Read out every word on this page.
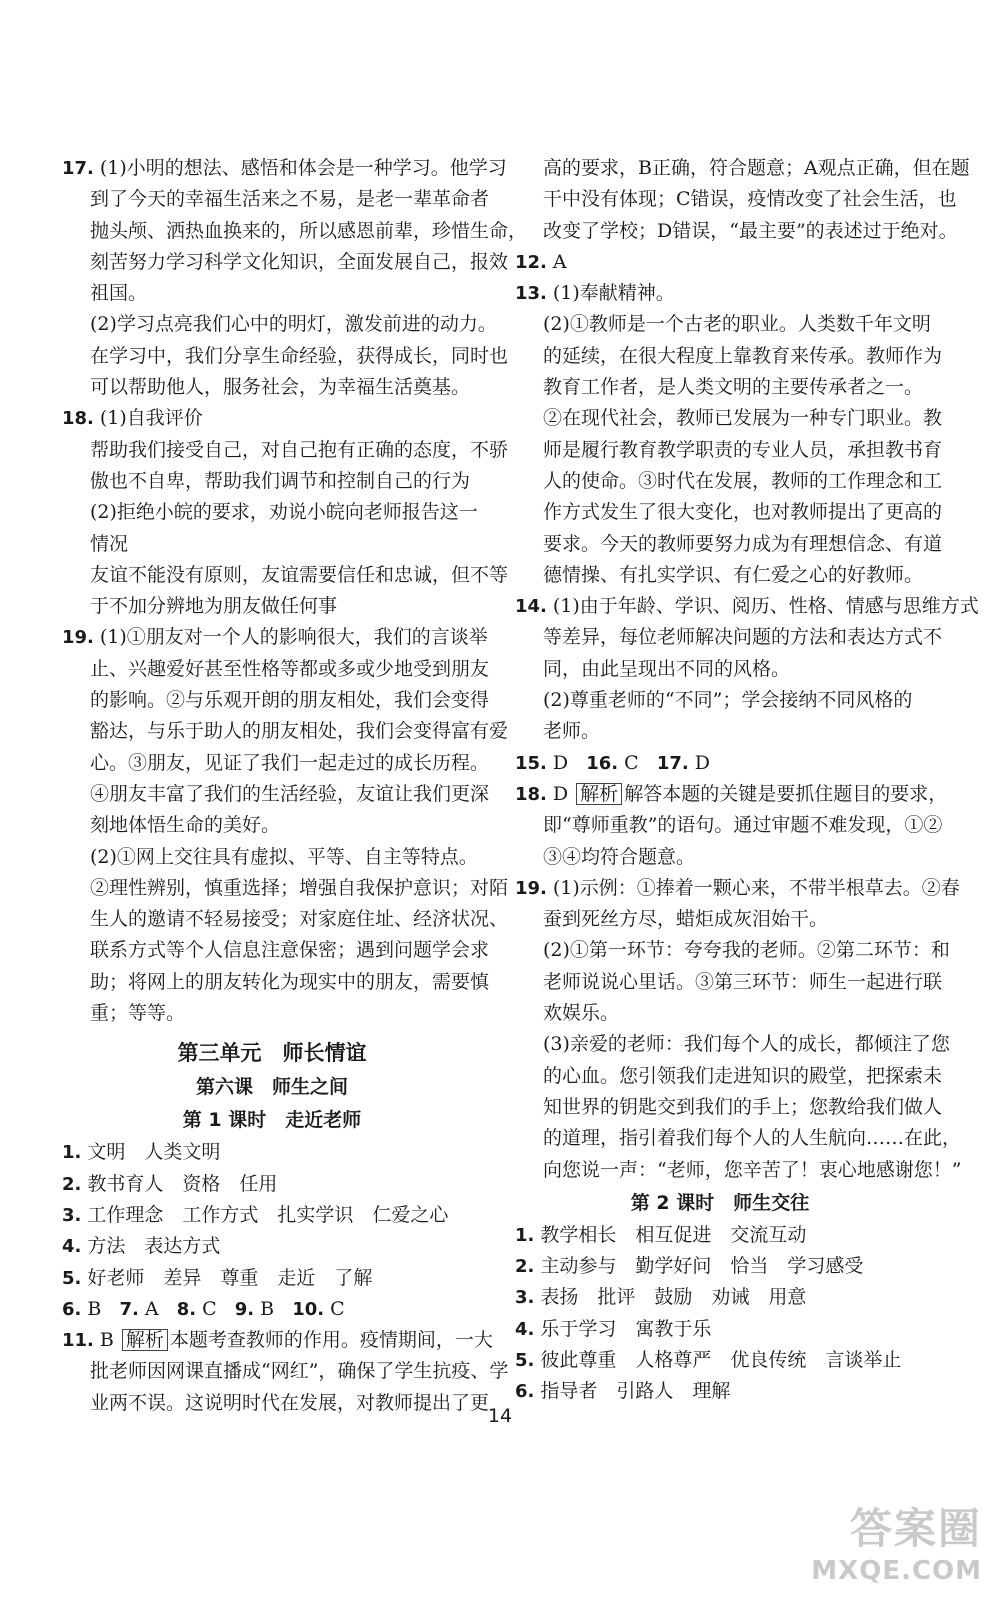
17. (1)小明的想法、感悟和体会是一种学习。他学习
到了今天的幸福生活来之不易，是老一辈革命者
抛头颅、洒热血换来的，所以感恩前辈，珍惜生命，
刻苦努力学习科学文化知识，全面发展自己，报效
祖国。
(2)学习点亮我们心中的明灯，激发前进的动力。
在学习中，我们分享生命经验，获得成长，同时也
可以帮助他人，服务社会，为幸福生活奠基。
18. (1)自我评价
帮助我们接受自己，对自己抱有正确的态度，不骄
傲也不自卑，帮助我们调节和控制自己的行为
(2)拒绝小皖的要求，劝说小皖向老师报告这一
情况
友谊不能没有原则，友谊需要信任和忠诚，但不等
于不加分辨地为朋友做任何事
19. (1)①朋友对一个人的影响很大，我们的言谈举
止、兴趣爱好甚至性格等都或多或少地受到朋友
的影响。②与乐观开朗的朋友相处，我们会变得
豁达，与乐于助人的朋友相处，我们会变得富有爱
心。③朋友，见证了我们一起走过的成长历程。
④朋友丰富了我们的生活经验，友谊让我们更深
刻地体悟生命的美好。
(2)①网上交往具有虚拟、平等、自主等特点。
②理性辨别，慎重选择；增强自我保护意识；对陌
生人的邀请不轻易接受；对家庭住址、经济状况、
联系方式等个人信息注意保密；遇到问题学会求
助；将网上的朋友转化为现实中的朋友，需要慎
重；等等。
第三单元　师长情谊
第六课　师生之间
第 1 课时　走近老师
1. 文明　人类文明
2. 教书育人　资格　任用
3. 工作理念　工作方式　扎实学识　仁爱之心
4. 方法　表达方式
5. 好老师　差异　尊重　走近　了解
6. B 7. A 8. C 9. B 10. C
11. B 解析 本题考查教师的作用。疫情期间，一大
批老师因网课直播成“网红”，确保了学生抗疫、学
业两不误。这说明时代在发展，对教师提出了更
高的要求，B正确，符合题意；A观点正确，但在题
干中没有体现；C错误，疫情改变了社会生活，也
改变了学校；D错误，“最主要”的表述过于绝对。
12. A
13. (1)奉献精神。
(2)①教师是一个古老的职业。人类数千年文明
的延续，在很大程度上靠教育来传承。教师作为
教育工作者，是人类文明的主要传承者之一。
②在现代社会，教师已发展为一种专门职业。教
师是履行教育教学职责的专业人员，承担教书育
人的使命。③时代在发展，教师的工作理念和工
作方式发生了很大变化，也对教师提出了更高的
要求。今天的教师要努力成为有理想信念、有道
德情操、有扎实学识、有仁爱之心的好教师。
14. (1)由于年龄、学识、阅历、性格、情感与思维方式
等差异，每位老师解决问题的方法和表达方式不
同，由此呈现出不同的风格。
(2)尊重老师的“不同”；学会接纳不同风格的
老师。
15. D 16. C 17. D
18. D 解析 解答本题的关键是要抓住题目的要求，
即“尊师重教”的语句。通过审题不难发现，①②
③④均符合题意。
19. (1)示例：①捧着一颗心来，不带半根草去。②春
蚕到死丝方尽，蜡炬成灰泪始干。
(2)①第一环节：夸夸我的老师。②第二环节：和
老师说说心里话。③第三环节：师生一起进行联
欢娱乐。
(3)亲爱的老师：我们每个人的成长，都倾注了您
的心血。您引领我们走进知识的殿堂，把探索未
知世界的钥匙交到我们的手上；您教给我们做人
的道理，指引着我们每个人的人生航向……在此，
向您说一声：“老师，您辛苦了！衷心地感谢您！”
第 2 课时　师生交往
1. 教学相长　相互促进　交流互动
2. 主动参与　勤学好问　恰当　学习感受
3. 表扬　批评　鼓励　劝诫　用意
4. 乐于学习　寓教于乐
5. 彼此尊重　人格尊严　优良传统　言谈举止
6. 指导者　引路人　理解
14
答案圈
MXQE.COM
